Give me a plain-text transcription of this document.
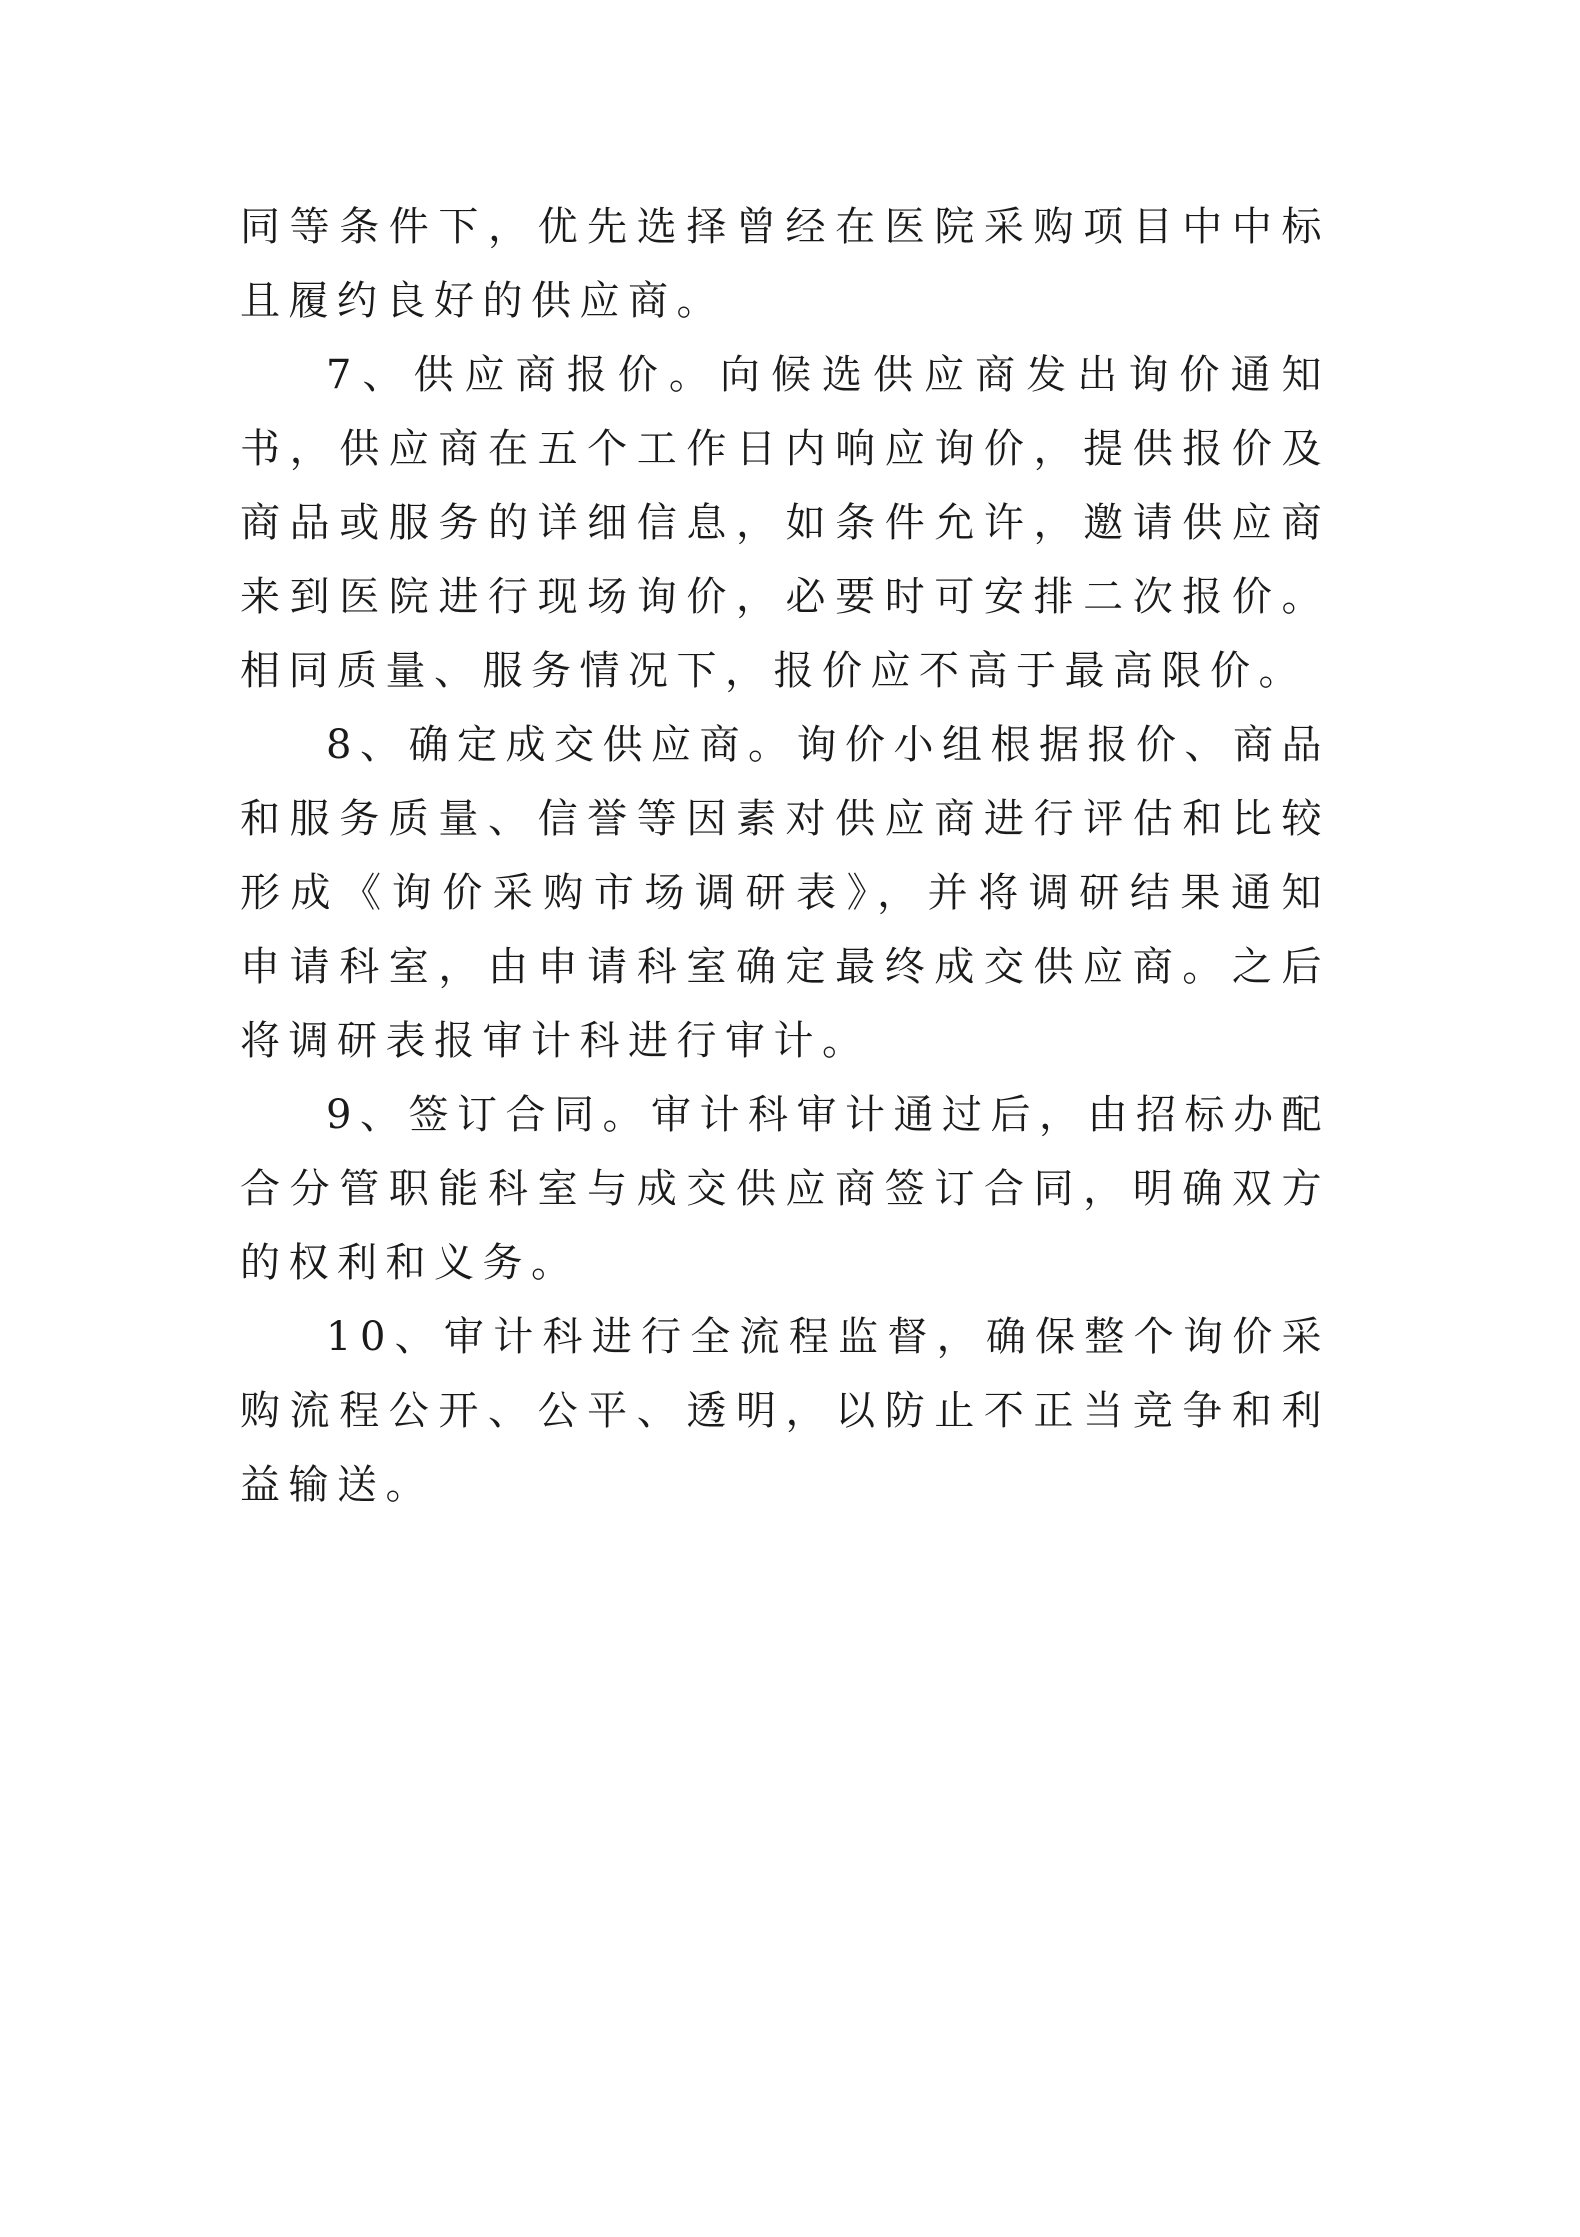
同等条件下，优先选择曾经在医院采购项目中中标且履约良好的供应商。

7、供应商报价。向候选供应商发出询价通知书，供应商在五个工作日内响应询价，提供报价及商品或服务的详细信息，如条件允许，邀请供应商来到医院进行现场询价，必要时可安排二次报价。相同质量、服务情况下，报价应不高于最高限价。

8、确定成交供应商。询价小组根据报价、商品和服务质量、信誉等因素对供应商进行评估和比较形成《询价采购市场调研表》，并将调研结果通知申请科室，由申请科室确定最终成交供应商。之后将调研表报审计科进行审计。

9、签订合同。审计科审计通过后，由招标办配合分管职能科室与成交供应商签订合同，明确双方的权利和义务。

10、审计科进行全流程监督，确保整个询价采购流程公开、公平、透明，以防止不正当竞争和利益输送。
